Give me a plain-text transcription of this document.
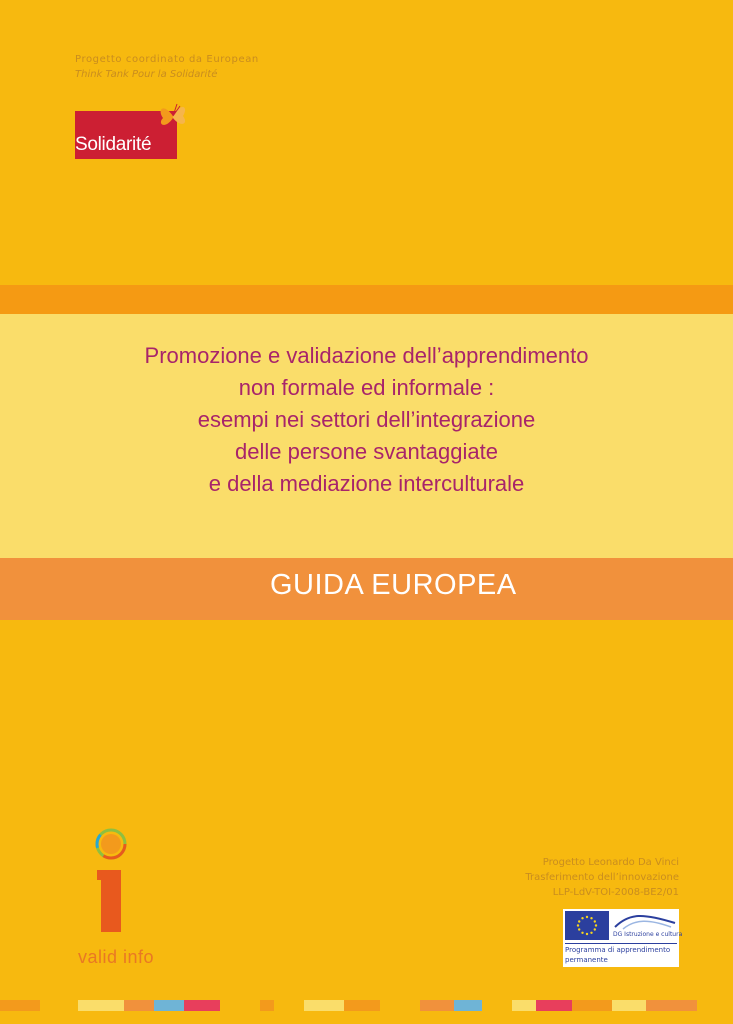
Progetto coordinato da European
Think Tank Pour la Solidarité
Solidarité
Promozione e validazione dell’apprendimento
non formale ed informale :
esempi nei settori dell’integrazione
delle persone svantaggiate
e della mediazione interculturale
GUIDA EUROPEA
valid info
Progetto Leonardo Da Vinci
Trasferimento dell’innovazione
LLP-LdV-TOI-2008-BE2/01
DG Istruzione e cultura
Programma di apprendimento
permanente
